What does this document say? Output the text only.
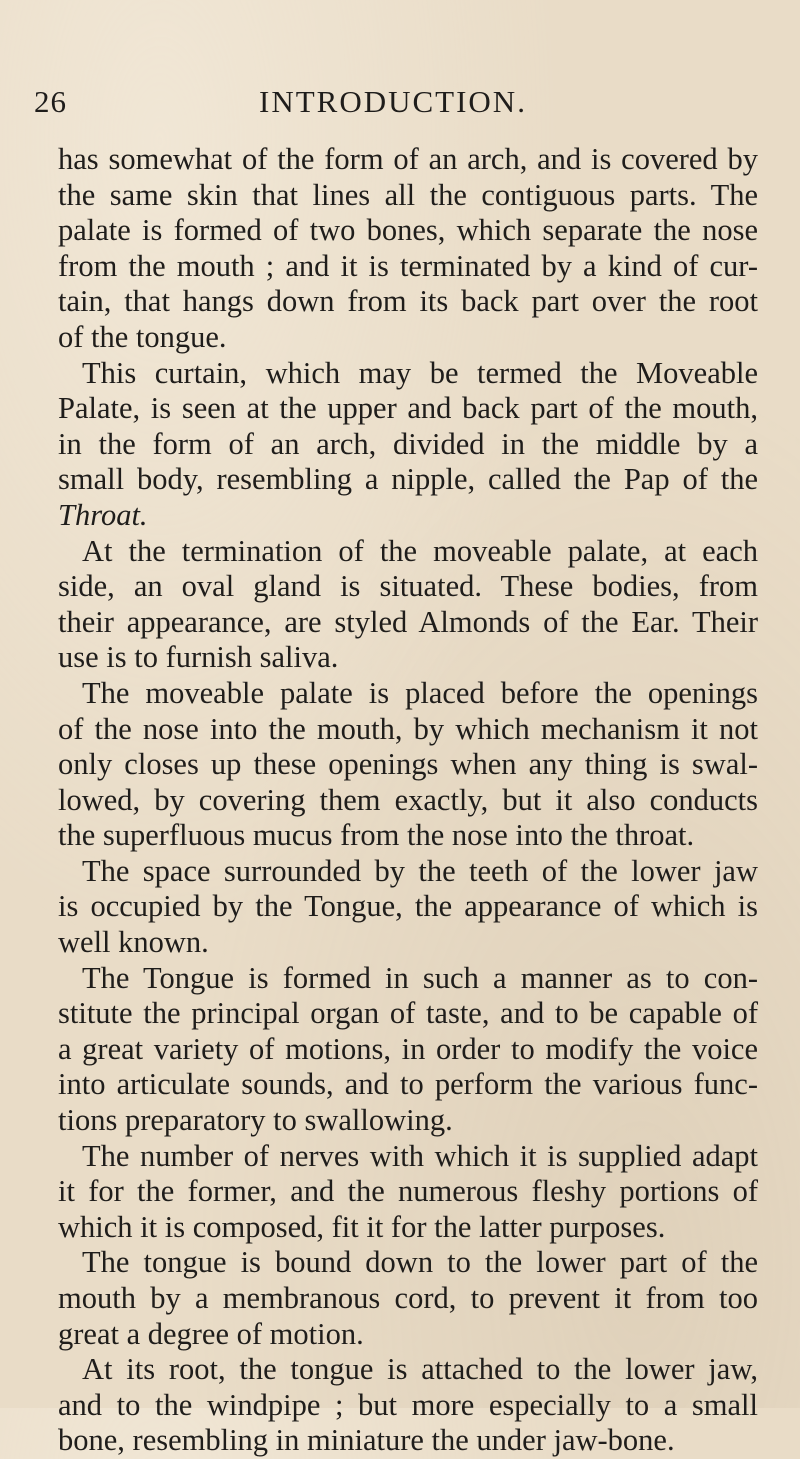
26	INTRODUCTION.
has somewhat of the form of an arch, and is covered by
the same skin that lines all the contiguous parts. The
palate is formed of two bones, which separate the nose
from the mouth ; and it is terminated by a kind of cur-
tain, that hangs down from its back part over the root
of the tongue.
This curtain, which may be termed the Moveable
Palate, is seen at the upper and back part of the mouth,
in the form of an arch, divided in the middle by a
small body, resembling a nipple, called the Pap of the
Throat.
At the termination of the moveable palate, at each
side, an oval gland is situated. These bodies, from
their appearance, are styled Almonds of the Ear. Their
use is to furnish saliva.
The moveable palate is placed before the openings
of the nose into the mouth, by which mechanism it not
only closes up these openings when any thing is swal-
lowed, by covering them exactly, but it also conducts
the superfluous mucus from the nose into the throat.
The space surrounded by the teeth of the lower jaw
is occupied by the Tongue, the appearance of which is
well known.
The Tongue is formed in such a manner as to con-
stitute the principal organ of taste, and to be capable of
a great variety of motions, in order to modify the voice
into articulate sounds, and to perform the various func-
tions preparatory to swallowing.
The number of nerves with which it is supplied adapt
it for the former, and the numerous fleshy portions of
which it is composed, fit it for the latter purposes.
The tongue is bound down to the lower part of the
mouth by a membranous cord, to prevent it from too
great a degree of motion.
At its root, the tongue is attached to the lower jaw,
and to the windpipe ; but more especially to a small
bone, resembling in miniature the under jaw-bone.
